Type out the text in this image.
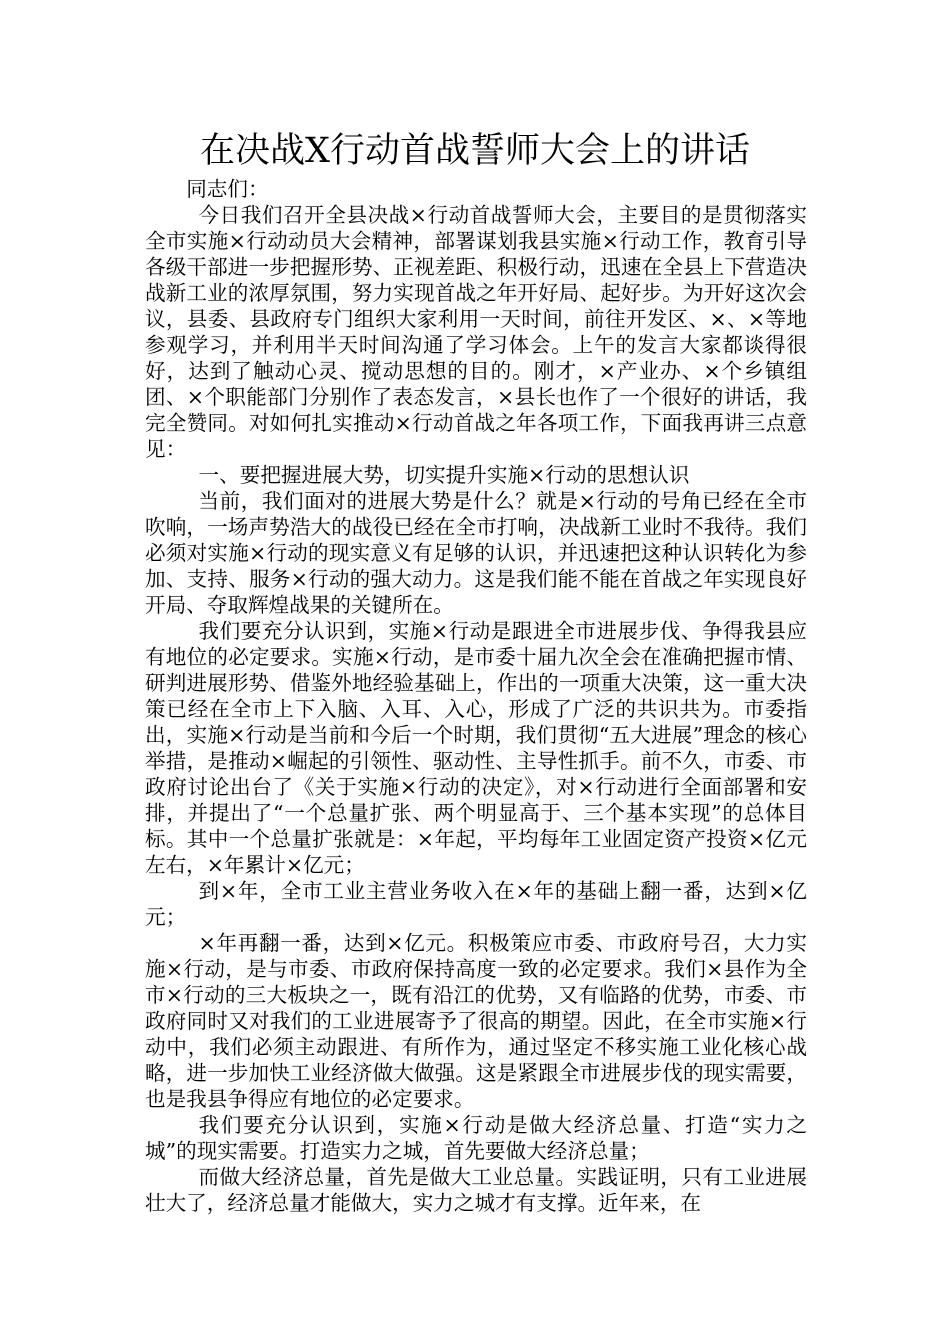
在决战X行动首战誓师大会上的讲话

同志们：

今日我们召开全县决战×行动首战誓师大会，主要目的是贯彻落实全市实施×行动动员大会精神，部署谋划我县实施×行动工作，教育引导各级干部进一步把握形势、正视差距、积极行动，迅速在全县上下营造决战新工业的浓厚氛围，努力实现首战之年开好局、起好步。为开好这次会议，县委、县政府专门组织大家利用一天时间，前往开发区、×、×等地参观学习，并利用半天时间沟通了学习体会。上午的发言大家都谈得很好，达到了触动心灵、搅动思想的目的。刚才，×产业办、×个乡镇组团、×个职能部门分别作了表态发言，×县长也作了一个很好的讲话，我完全赞同。对如何扎实推动×行动首战之年各项工作，下面我再讲三点意见：

一、要把握进展大势，切实提升实施×行动的思想认识

当前，我们面对的进展大势是什么？就是×行动的号角已经在全市吹响，一场声势浩大的战役已经在全市打响，决战新工业时不我待。我们必须对实施×行动的现实意义有足够的认识，并迅速把这种认识转化为参加、支持、服务×行动的强大动力。这是我们能不能在首战之年实现良好开局、夺取辉煌战果的关键所在。

我们要充分认识到，实施×行动是跟进全市进展步伐、争得我县应有地位的必定要求。实施×行动，是市委十届九次全会在准确把握市情、研判进展形势、借鉴外地经验基础上，作出的一项重大决策，这一重大决策已经在全市上下入脑、入耳、入心，形成了广泛的共识共为。市委指出，实施×行动是当前和今后一个时期，我们贯彻“五大进展”理念的核心举措，是推动×崛起的引领性、驱动性、主导性抓手。前不久，市委、市政府讨论出台了《关于实施×行动的决定》，对×行动进行全面部署和安排，并提出了“一个总量扩张、两个明显高于、三个基本实现”的总体目标。其中一个总量扩张就是：×年起，平均每年工业固定资产投资×亿元左右，×年累计×亿元；

到×年，全市工业主营业务收入在×年的基础上翻一番，达到×亿元；

×年再翻一番，达到×亿元。积极策应市委、市政府号召，大力实施×行动，是与市委、市政府保持高度一致的必定要求。我们×县作为全市×行动的三大板块之一，既有沿江的优势，又有临路的优势，市委、市政府同时又对我们的工业进展寄予了很高的期望。因此，在全市实施×行动中，我们必须主动跟进、有所作为，通过坚定不移实施工业化核心战略，进一步加快工业经济做大做强。这是紧跟全市进展步伐的现实需要，也是我县争得应有地位的必定要求。

我们要充分认识到，实施×行动是做大经济总量、打造“实力之城”的现实需要。打造实力之城，首先要做大经济总量；

而做大经济总量，首先是做大工业总量。实践证明，只有工业进展壮大了，经济总量才能做大，实力之城才有支撑。近年来，在
